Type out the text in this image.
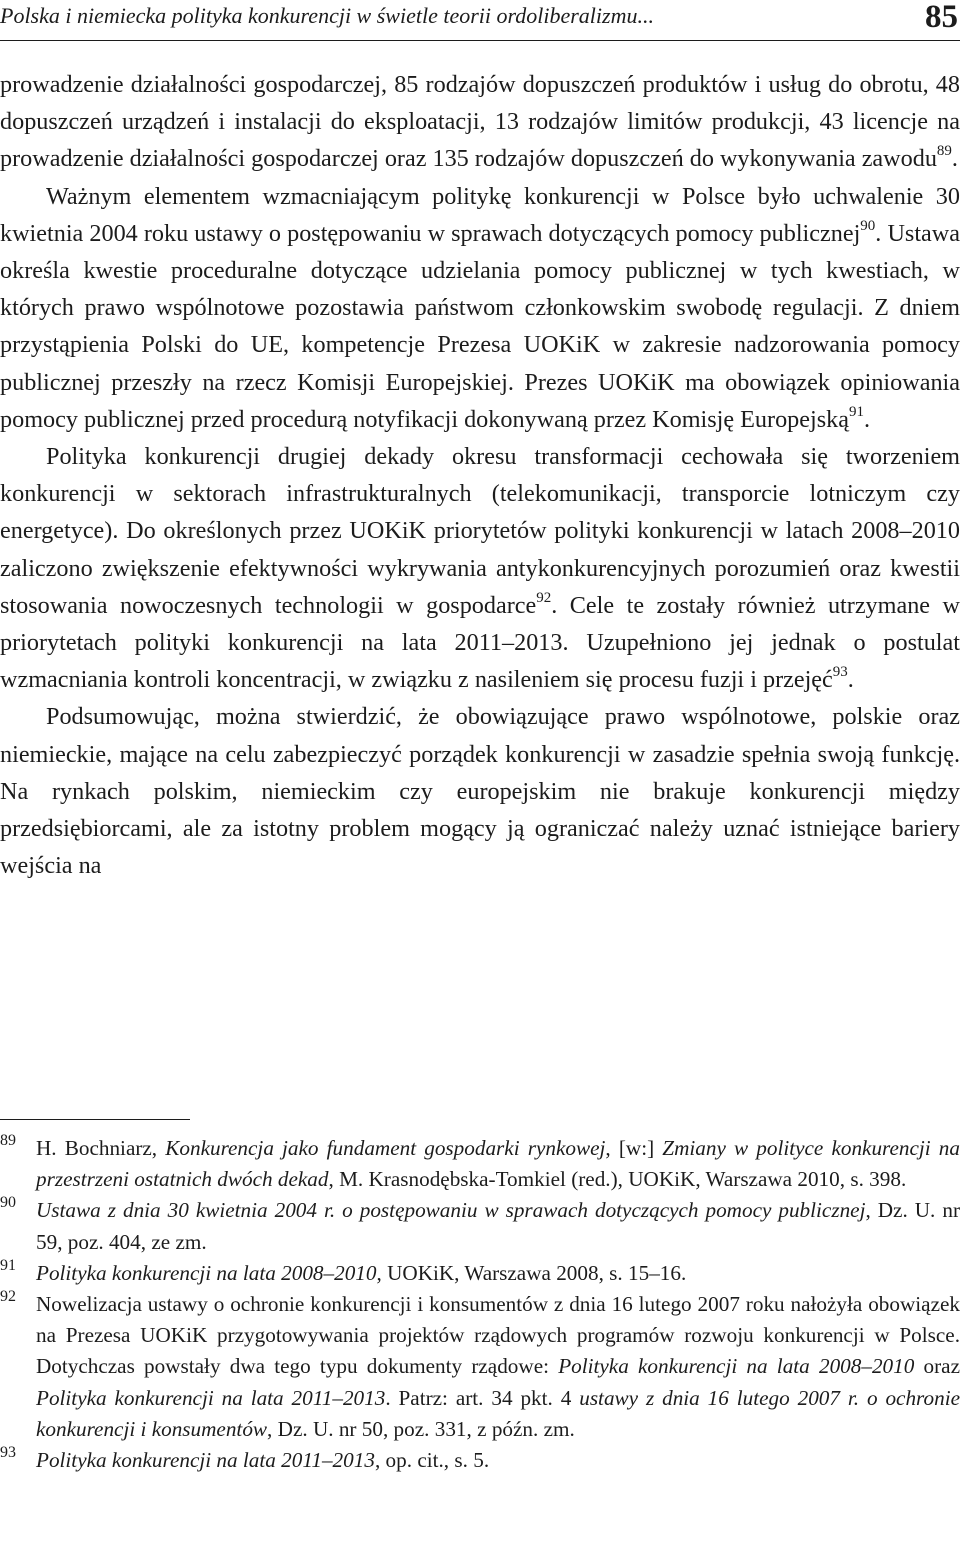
Polska i niemiecka polityka konkurencji w świetle teorii ordoliberalizmu...	85

prowadzenie działalności gospodarczej, 85 rodzajów dopuszczeń produktów i usług do obrotu, 48 dopuszczeń urządzeń i instalacji do eksploatacji, 13 rodzajów limitów produkcji, 43 licencje na prowadzenie działalności gospodarczej oraz 135 rodzajów dopuszczeń do wykonywania zawodu$^{89}$.

Ważnym elementem wzmacniającym politykę konkurencji w Polsce było uchwalenie 30 kwietnia 2004 roku ustawy o postępowaniu w sprawach dotyczących pomocy publicznej$^{90}$. Ustawa określa kwestie proceduralne dotyczące udzielania pomocy publicznej w tych kwestiach, w których prawo wspólnotowe pozostawia państwom członkowskim swobodę regulacji. Z dniem przystąpienia Polski do UE, kompetencje Prezesa UOKiK w zakresie nadzorowania pomocy publicznej przeszły na rzecz Komisji Europejskiej. Prezes UOKiK ma obowiązek opiniowania pomocy publicznej przed procedurą notyfikacji dokonywaną przez Komisję Europejską$^{91}$.

Polityka konkurencji drugiej dekady okresu transformacji cechowała się tworzeniem konkurencji w sektorach infrastrukturalnych (telekomunikacji, transporcie lotniczym czy energetyce). Do określonych przez UOKiK priorytetów polityki konkurencji w latach 2008–2010 zaliczono zwiększenie efektywności wykrywania antykonkurencyjnych porozumień oraz kwestii stosowania nowoczesnych technologii w gospodarce$^{92}$. Cele te zostały również utrzymane w priorytetach polityki konkurencji na lata 2011–2013. Uzupełniono jej jednak o postulat wzmacniania kontroli koncentracji, w związku z nasileniem się procesu fuzji i przejęć$^{93}$.

Podsumowując, można stwierdzić, że obowiązujące prawo wspólnotowe, polskie oraz niemieckie, mające na celu zabezpieczyć porządek konkurencji w zasadzie spełnia swoją funkcję. Na rynkach polskim, niemieckim czy europejskim nie brakuje konkurencji między przedsiębiorcami, ale za istotny problem mogący ją ograniczać należy uznać istniejące bariery wejścia na

89 H. Bochniarz, Konkurencja jako fundament gospodarki rynkowej, [w:] Zmiany w polityce konkurencji na przestrzeni ostatnich dwóch dekad, M. Krasnodębska-Tomkiel (red.), UOKiK, Warszawa 2010, s. 398.

90 Ustawa z dnia 30 kwietnia 2004 r. o postępowaniu w sprawach dotyczących pomocy publicznej, Dz. U. nr 59, poz. 404, ze zm.

91 Polityka konkurencji na lata 2008–2010, UOKiK, Warszawa 2008, s. 15–16.

92 Nowelizacja ustawy o ochronie konkurencji i konsumentów z dnia 16 lutego 2007 roku nałożyła obowiązek na Prezesa UOKiK przygotowywania projektów rządowych programów rozwoju konkurencji w Polsce. Dotychczas powstały dwa tego typu dokumenty rządowe: Polityka konkurencji na lata 2008–2010 oraz Polityka konkurencji na lata 2011–2013. Patrz: art. 34 pkt. 4 ustawy z dnia 16 lutego 2007 r. o ochronie konkurencji i konsumentów, Dz. U. nr 50, poz. 331, z późn. zm.

93 Polityka konkurencji na lata 2011–2013, op. cit., s. 5.
